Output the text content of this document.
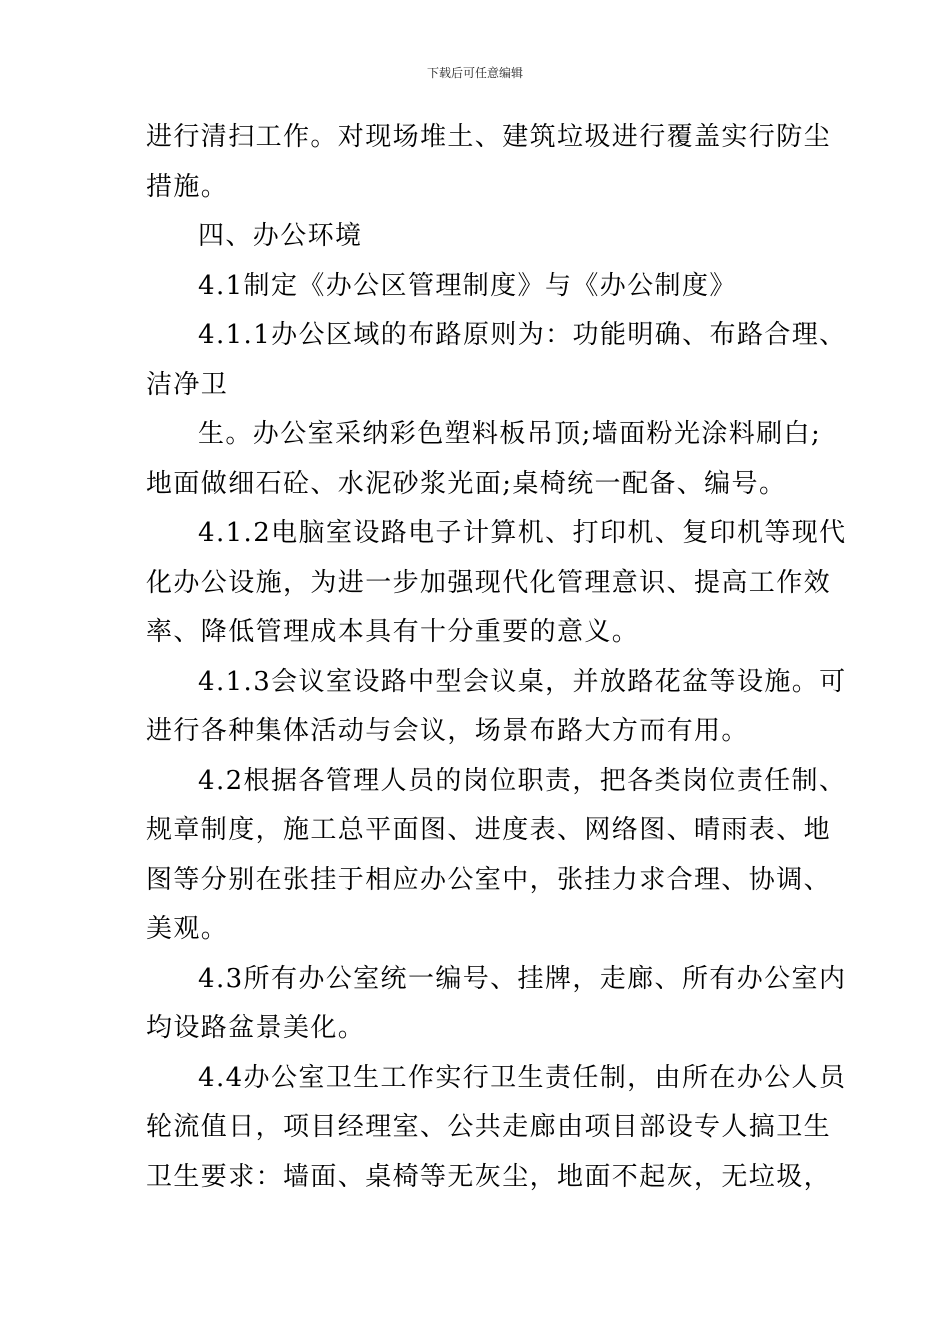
下载后可任意编辑
进行清扫工作。对现场堆土、建筑垃圾进行覆盖实行防尘
措施。
四、办公环境
4.1制定《办公区管理制度》与《办公制度》
4.1.1办公区域的布路原则为：功能明确、布路合理、
洁净卫
生。办公室采纳彩色塑料板吊顶;墙面粉光涂料刷白;
地面做细石砼、水泥砂浆光面;桌椅统一配备、编号。
4.1.2电脑室设路电子计算机、打印机、复印机等现代
化办公设施，为进一步加强现代化管理意识、提高工作效
率、降低管理成本具有十分重要的意义。
4.1.3会议室设路中型会议桌，并放路花盆等设施。可
进行各种集体活动与会议，场景布路大方而有用。
4.2根据各管理人员的岗位职责，把各类岗位责任制、
规章制度，施工总平面图、进度表、网络图、晴雨表、地
图等分别在张挂于相应办公室中，张挂力求合理、协调、
美观。
4.3所有办公室统一编号、挂牌，走廊、所有办公室内
均设路盆景美化。
4.4办公室卫生工作实行卫生责任制，由所在办公人员
轮流值日，项目经理室、公共走廊由项目部设专人搞卫生
卫生要求：墙面、桌椅等无灰尘，地面不起灰，无垃圾，
